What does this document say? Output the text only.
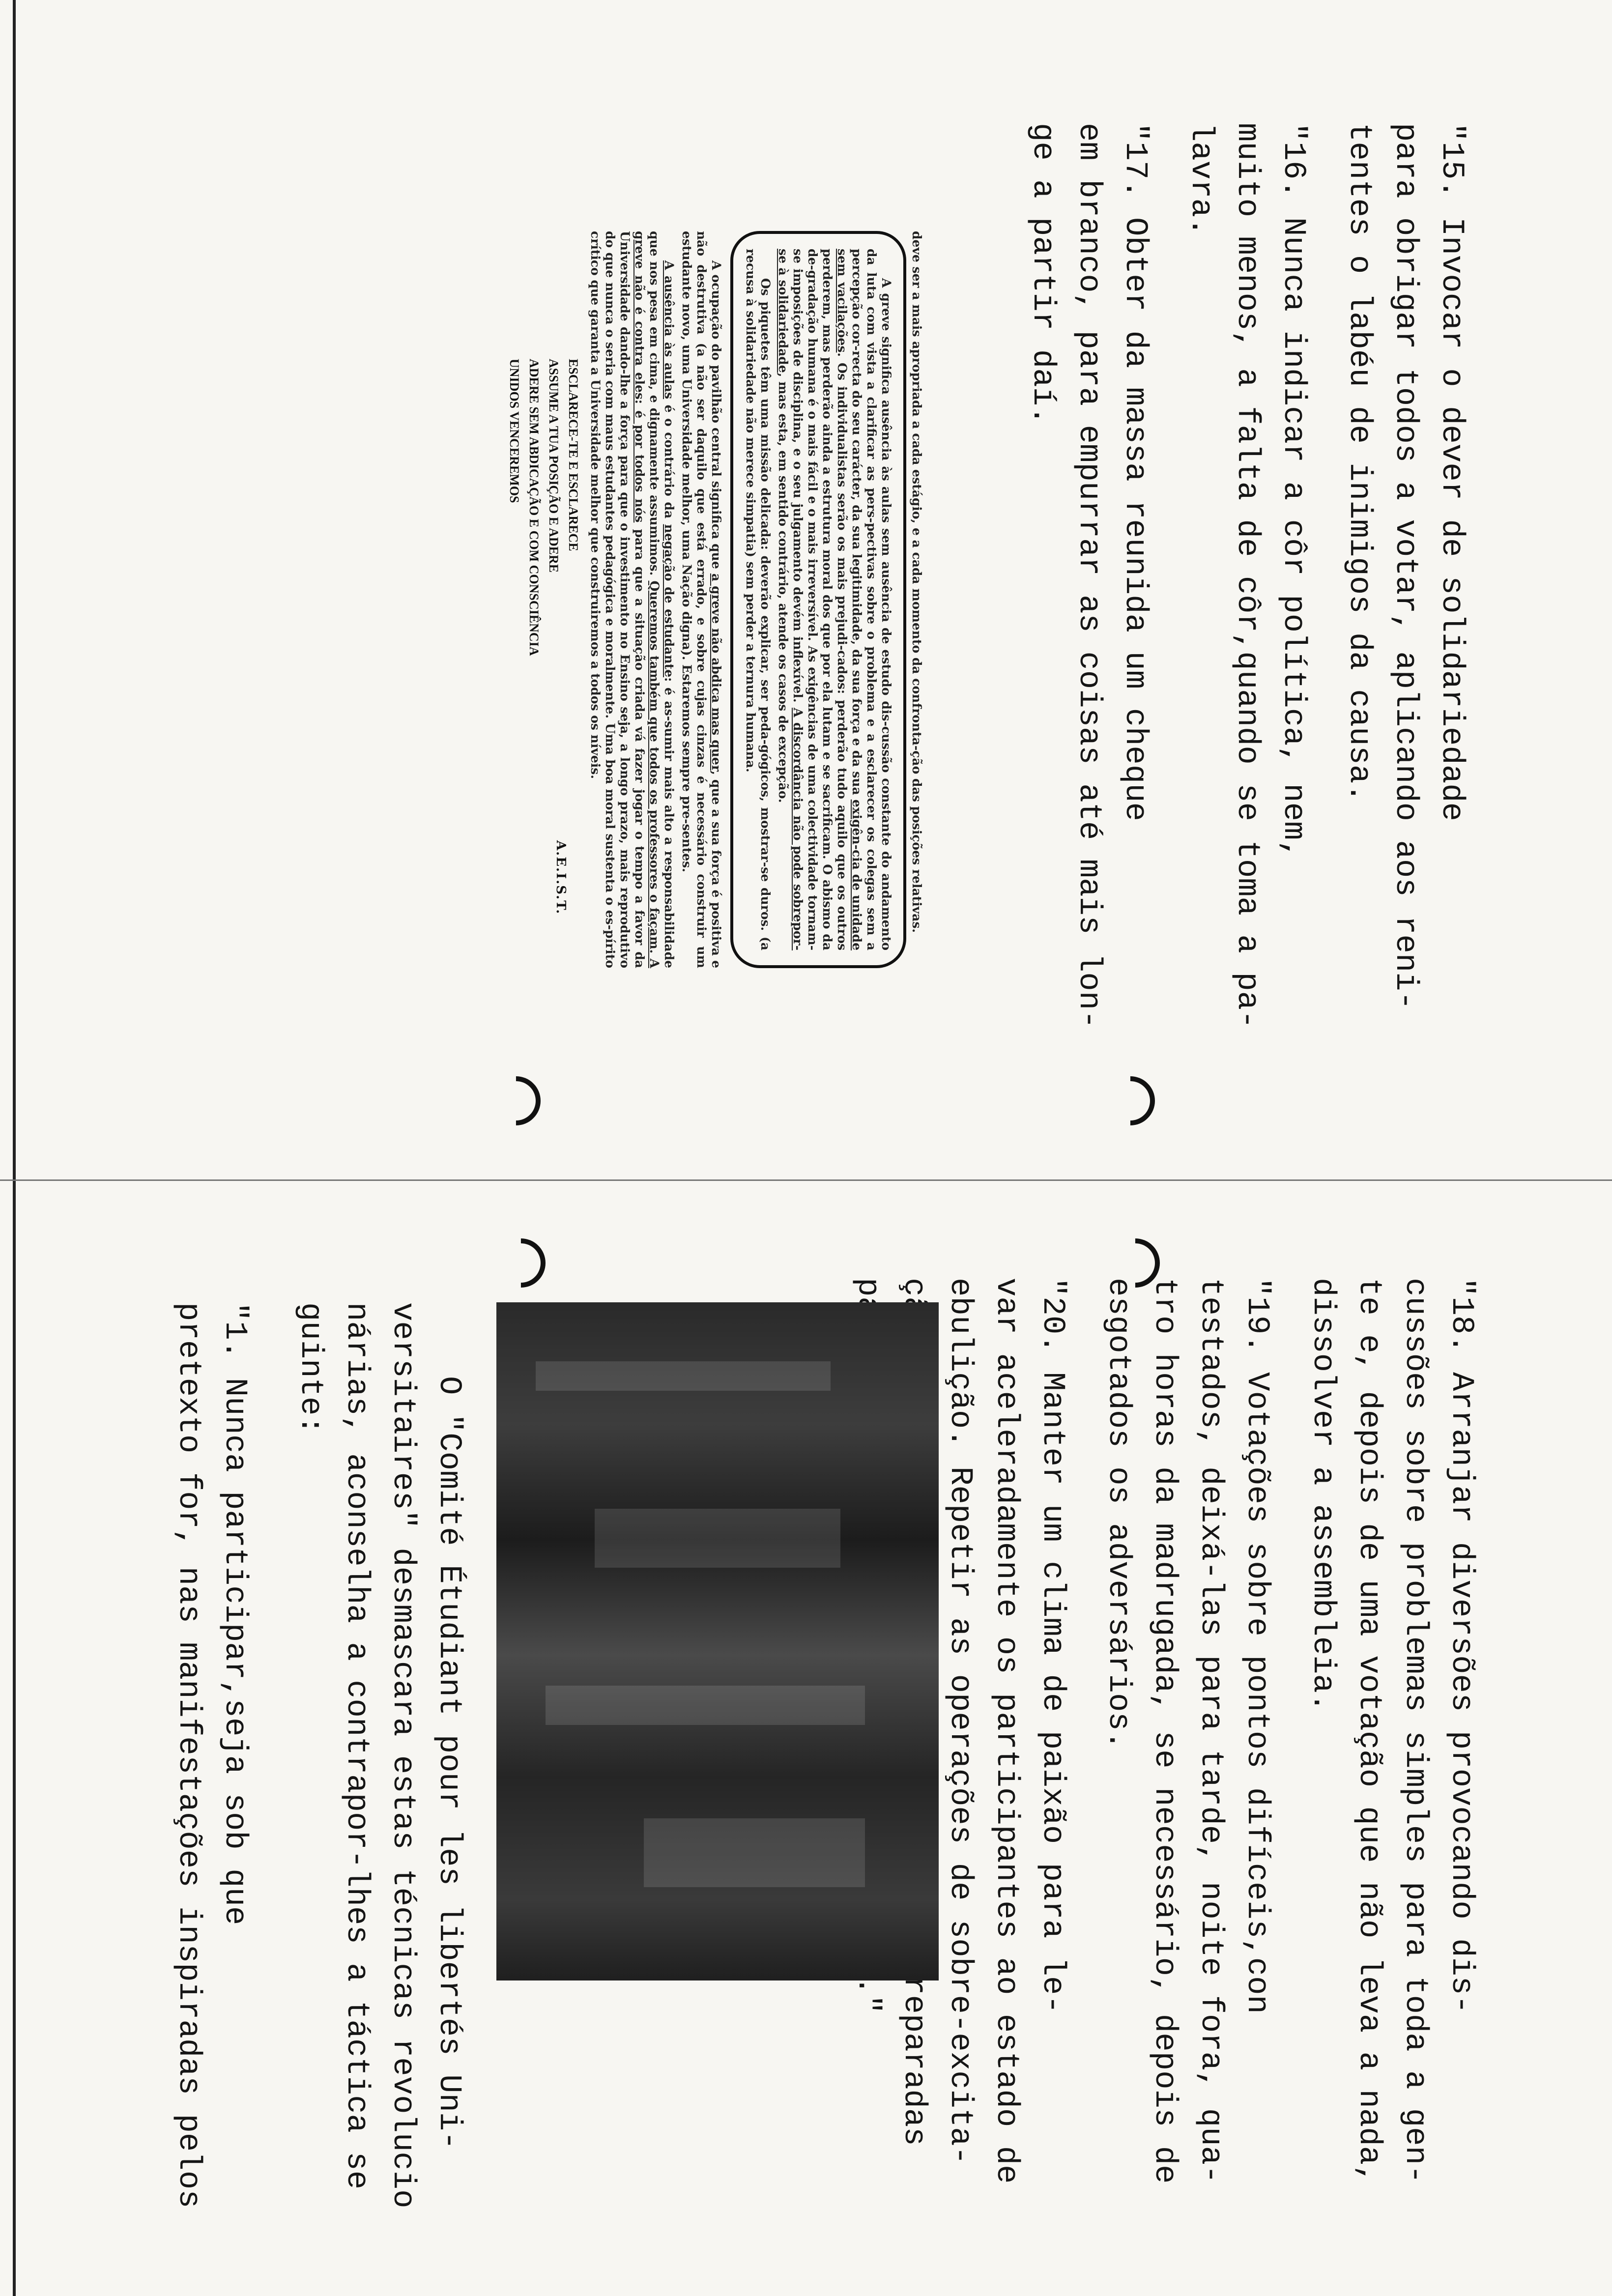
"15. Invocar o dever de solidariedade
para obrigar todos a votar, aplicando aos reni-
tentes o labéu de inimigos da causa.

"16. Nunca indicar a côr política, nem,
muito menos, a falta de côr,quando se toma a pa-
lavra.

"17. Obter da massa reunida um cheque
em branco, para empurrar as coisas até mais lon-
ge a partir daí.

deve ser a mais apropriada a cada estágio, e a cada momento da confronta-ção das posições relativas.

A greve significa ausência às aulas sem ausência de estudo dis-cussão constante do andamento da luta com vista a clarificar as pers-pectivas sobre o problema e a esclarecer os colegas sem a percepção cor-recta do seu carácter, da sua legitimidade, da sua força e da sua exigên-cia de unidade sem vacilações. Os individualistas serão os mais prejudi-cados: perderão tudo aquilo que os outros perderem, mas perderão ainda a estrutura moral dos que por ela lutam e se sacrificam. O abismo da de-gradação humana é o mais fácil e o mais irreversível. As exigências de uma colectividade tornam-se imposições de disciplina, e o seu julgamento devém inflexível. A discordância não pode sobrepor-se à solidariedade, mas esta, em sentido contrário, atende os casos de excepção.

Os piquetes têm uma missão delicada: deverão explicar, ser peda-gógicos, mostrar-se duros. (a recusa à solidariedade não merece simpatia) sem perder a ternura humana.

A ocupação do pavilhão central significa que a greve não abdica mas quer, que a sua força é positiva e não destrutiva (a não ser daquilo que está errado, e sobre cujas cinzas é necessário construir um estudante novo, uma Universidade melhor, uma Nação digna). Estaremos sempre pre-sentes.

A ausência às aulas é o contrário da negação de estudante: é as-sumir mais alto a responsabilidade que nos pesa em cima, e dignamente assumimos. Queremos também que todos os professores o façam. A greve não é contra eles: é por todos nós para que a situação criada vá fazer jogar o tempo a favor da Universidade dando-lhe a força para que o investimento no Ensino seja, a longo prazo, mais reprodutivo do que nunca o seria com maus estudantes pedagógica e moralmente. Uma boa moral sustenta o es-pírito crítico que garanta a Universidade melhor que construiremos a todos os níveis.

ESCLARECE-TE E ESCLARECE
ASSUME A TUA POSIÇÃO E ADERE
ADERE SEM ABDICAÇÃO E COM CONSCIÊNCIA
UNIDOS VENCEREMOS
A.E.I.S.T.

"18. Arranjar diversões provocando dis-
cussões sobre problemas simples para toda a gen-
te e, depois de uma votação que não leva a nada,
dissolver a assembleia.

"19. Votações sobre pontos difíceis,con
testados, deixá-las para tarde, noite fora, qua-
tro horas da madrugada, se necessário, depois de
esgotados os adversários.

"20. Manter um clima de paixão para le-
var aceleradamente os participantes ao estado de
ebulição. Repetir as operações de sobre-excita-
preparadas

O "Comité Étudiant pour les libertés Uni-
versitaires" desmascara estas técnicas revolucio
nárias, aconselha a contrapor-lhes a táctica se
guinte:

"1. Nunca participar,seja sob que
pretexto for, nas manifestações inspiradas pelos
